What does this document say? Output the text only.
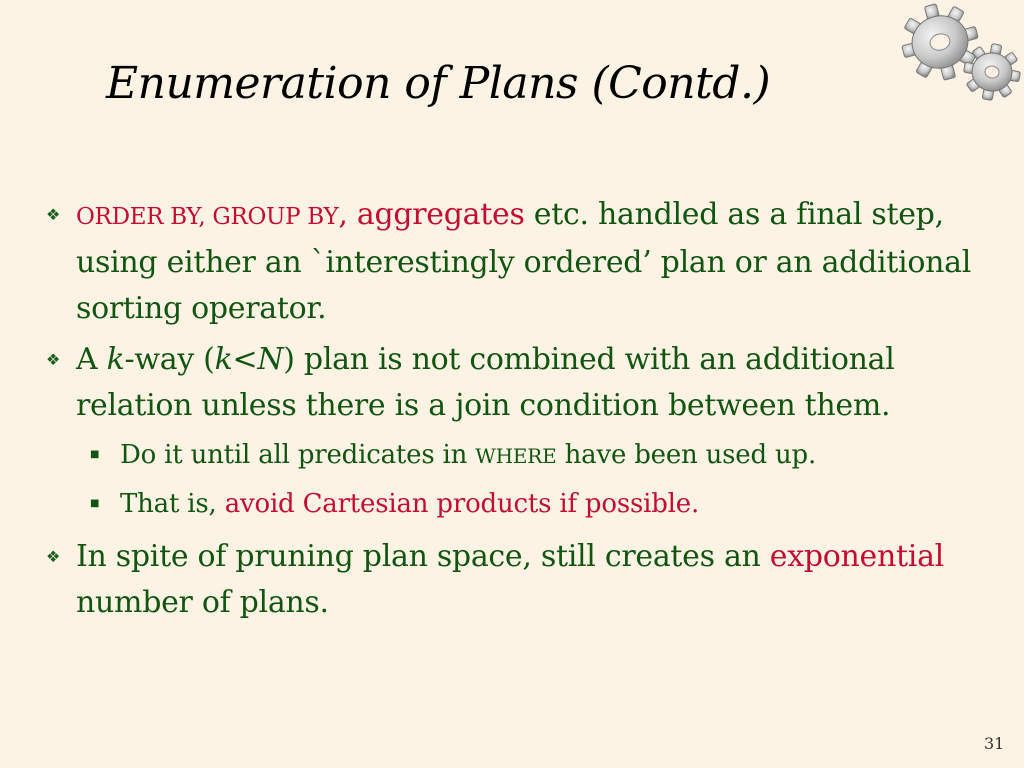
Enumeration of Plans (Contd.)
❖ ORDER BY, GROUP BY, aggregates etc. handled as a final step, using either an `interestingly ordered’ plan or an additional sorting operator.
❖ A k-way (k<N) plan is not combined with an additional relation unless there is a join condition between them.
■ Do it until all predicates in WHERE have been used up.
■ That is, avoid Cartesian products if possible.
❖ In spite of pruning plan space, still creates an exponential number of plans.
31
